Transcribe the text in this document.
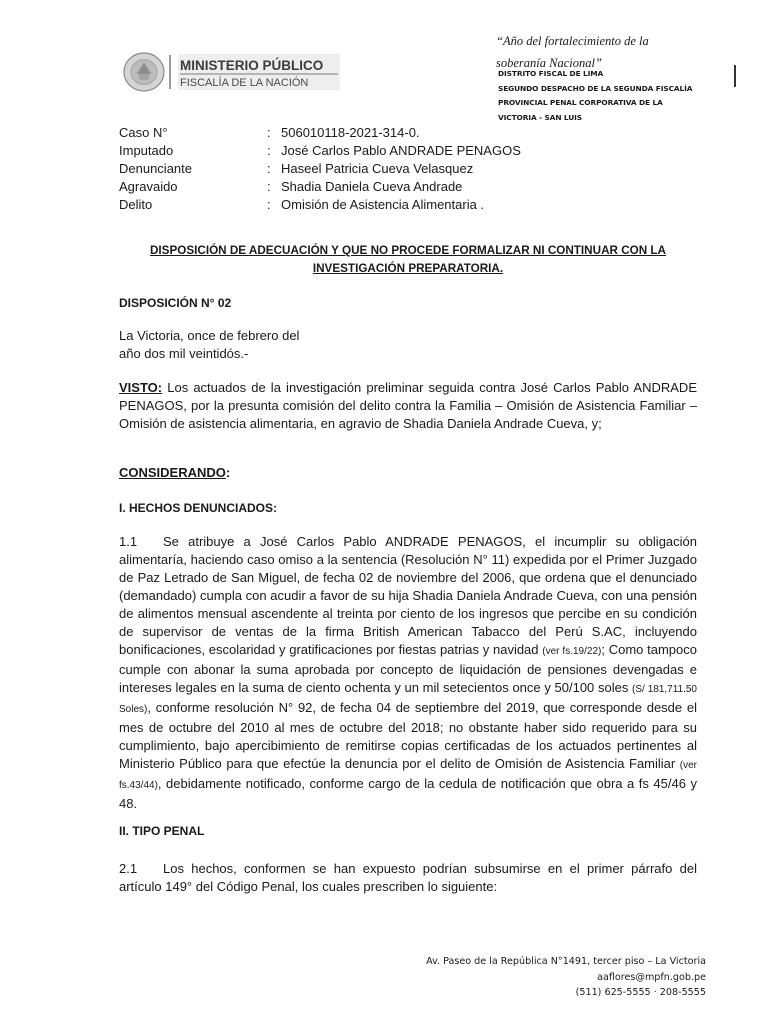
MINISTERIO PÚBLICO
FISCALÍA DE LA NACIÓN
“Año del fortalecimiento de la
soberanía Nacional”
DISTRITO FISCAL DE LIMA
SEGUNDO DESPACHO DE LA SEGUNDA FISCALÍA
PROVINCIAL PENAL CORPORATIVA DE LA
VICTORIA - SAN LUIS
Caso N°	: 506010118-2021-314-0.
Imputado	: José Carlos Pablo ANDRADE PENAGOS
Denunciante	: Haseel Patricia Cueva Velasquez
Agravaido	: Shadia Daniela Cueva Andrade
Delito	: Omisión de Asistencia Alimentaria .
DISPOSICIÓN DE ADECUACIÓN Y QUE NO PROCEDE FORMALIZAR NI CONTINUAR CON LA
INVESTIGACIÓN PREPARATORIA.
DISPOSICIÓN N° 02
La Victoria, once de febrero del
año dos mil veintidós.-
VISTO: Los actuados de la investigación preliminar seguida contra José Carlos Pablo ANDRADE PENAGOS, por la presunta comisión del delito contra la Familia – Omisión de Asistencia Familiar – Omisión de asistencia alimentaria, en agravio de Shadia Daniela Andrade Cueva, y;
CONSIDERANDO:
I. HECHOS DENUNCIADOS:
1.1 Se atribuye a José Carlos Pablo ANDRADE PENAGOS, el incumplir su obligación alimentaría, haciendo caso omiso a la sentencia (Resolución N° 11) expedida por el Primer Juzgado de Paz Letrado de San Miguel, de fecha 02 de noviembre del 2006, que ordena que el denunciado (demandado) cumpla con acudir a favor de su hija Shadia Daniela Andrade Cueva, con una pensión de alimentos mensual ascendente al treinta por ciento de los ingresos que percibe en su condición de supervisor de ventas de la firma British American Tabacco del Perú S.AC, incluyendo bonificaciones, escolaridad y gratificaciones por fiestas patrias y navidad (ver fs.19/22); Como tampoco cumple con abonar la suma aprobada por concepto de liquidación de pensiones devengadas e intereses legales en la suma de ciento ochenta y un mil setecientos once y 50/100 soles (S/ 181,711.50 Soles), conforme resolución N° 92, de fecha 04 de septiembre del 2019, que corresponde desde el mes de octubre del 2010 al mes de octubre del 2018; no obstante haber sido requerido para su cumplimiento, bajo apercibimiento de remitirse copias certificadas de los actuados pertinentes al Ministerio Público para que efectúe la denuncia por el delito de Omisión de Asistencia Familiar (ver fs.43/44), debidamente notificado, conforme cargo de la cedula de notificación que obra a fs 45/46 y 48.
II. TIPO PENAL
2.1 Los hechos, conformen se han expuesto podrían subsumirse en el primer párrafo del artículo 149° del Código Penal, los cuales prescriben lo siguiente:
Av. Paseo de la República N°1491, tercer piso – La Victoria
aaflores@mpfn.gob.pe
(511) 625-5555 · 208-5555
